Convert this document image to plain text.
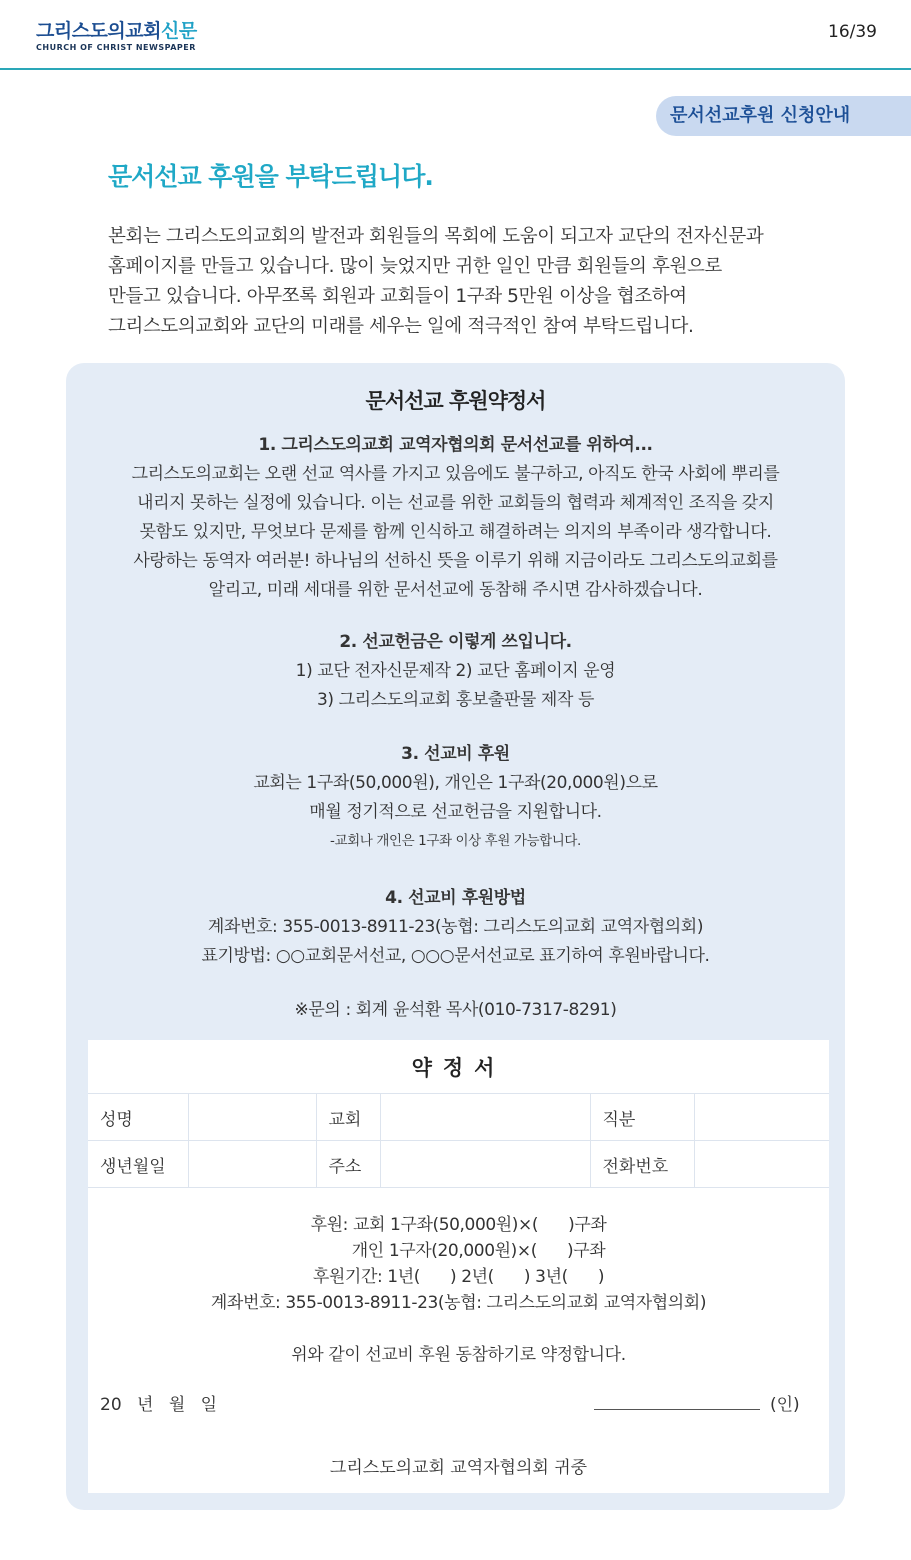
그리스도의교회신문
CHURCH OF CHRIST NEWSPAPER
16/39
문서선교후원 신청안내
문서선교 후원을 부탁드립니다.

본회는 그리스도의교회의 발전과 회원들의 목회에 도움이 되고자 교단의 전자신문과

홈페이지를 만들고 있습니다. 많이 늦었지만 귀한 일인 만큼 회원들의 후원으로

만들고 있습니다. 아무쪼록 회원과 교회들이 1구좌 5만원 이상을 협조하여

그리스도의교회와 교단의 미래를 세우는 일에 적극적인 참여 부탁드립니다.

문서선교 후원약정서

1. 그리스도의교회 교역자협의회 문서선교를 위하여...

그리스도의교회는 오랜 선교 역사를 가지고 있음에도 불구하고, 아직도 한국 사회에 뿌리를

내리지 못하는 실정에 있습니다. 이는 선교를 위한 교회들의 협력과 체계적인 조직을 갖지

못함도 있지만, 무엇보다 문제를 함께 인식하고 해결하려는 의지의 부족이라 생각합니다.

사랑하는 동역자 여러분! 하나님의 선하신 뜻을 이루기 위해 지금이라도 그리스도의교회를

알리고, 미래 세대를 위한 문서선교에 동참해 주시면 감사하겠습니다.

2. 선교헌금은 이렇게 쓰입니다.

1) 교단 전자신문제작 2) 교단 홈페이지 운영

3) 그리스도의교회 홍보출판물 제작 등

3. 선교비 후원

교회는 1구좌(50,000원), 개인은 1구좌(20,000원)으로

매월 정기적으로 선교헌금을 지원합니다.

-교회나 개인은 1구좌 이상 후원 가능합니다.

4. 선교비 후원방법

계좌번호: 355-0013-8911-23(농협: 그리스도의교회 교역자협의회)

표기방법: ○○교회문서선교, ○○○문서선교로 표기하여 후원바랍니다.

※문의 : 회계 윤석환 목사(010-7317-8291)

약정서
성명		교회		직분	
생년월일		주소		전화번호	

후원: 교회 1구좌(50,000원)×(      )구좌

개인 1구자(20,000원)×(      )구좌

후원기간: 1년(      ) 2년(      ) 3년(      )

계좌번호: 355-0013-8911-23(농협: 그리스도의교회 교역자협의회)

위와 같이 선교비 후원 동참하기로 약정합니다.

20 년 월 일	(인)
그리스도의교회 교역자협의회 귀중
